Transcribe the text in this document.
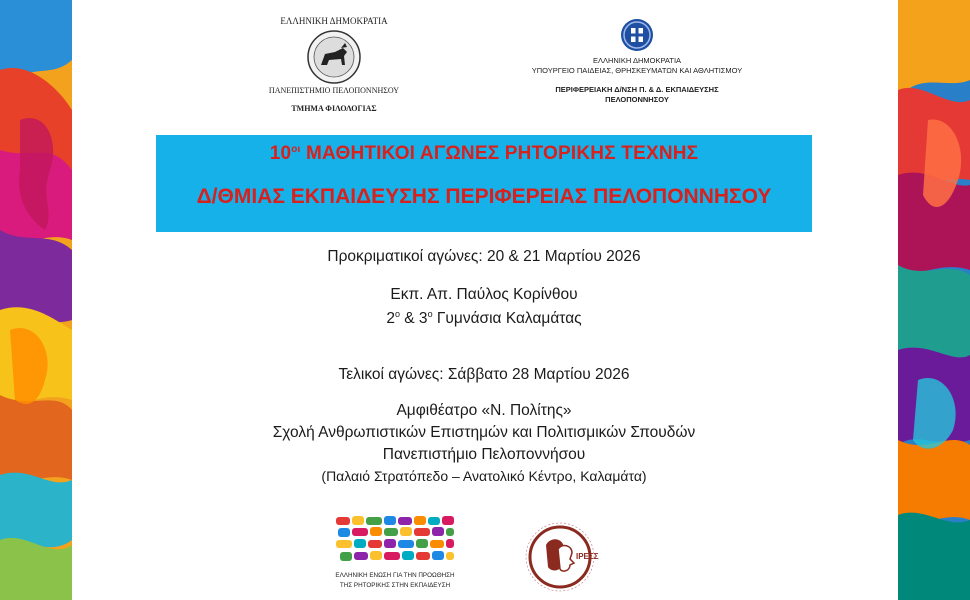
ΕΛΛΗΝΙΚΗ ΔΗΜΟΚΡΑΤΙΑ
ΠΑΝΕΠΙΣΤΗΜΙΟ ΠΕΛΟΠΟΝΝΗΣΟΥ
ΤΜΗΜΑ ΦΙΛΟΛΟΓΙΑΣ
ΕΛΛΗΝΙΚΗ ΔΗΜΟΚΡΑΤΙΑ
ΥΠΟΥΡΓΕΙΟ ΠΑΙΔΕΙΑΣ, ΘΡΗΣΚΕΥΜΑΤΩΝ ΚΑΙ ΑΘΛΗΤΙΣΜΟΥ
ΠΕΡΙΦΕΡΕΙΑΚΗ Δ/ΝΣΗ Π. & Δ. ΕΚΠΑΙΔΕΥΣΗΣ
ΠΕΛΟΠΟΝΝΗΣΟΥ
$10^{o\iota}$ ΜΑΘΗΤΙΚΟΙ ΑΓΩΝΕΣ ΡΗΤΟΡΙΚΗΣ ΤΕΧΝΗΣ
Δ/ΘΜΙΑΣ ΕΚΠΑΙΔΕΥΣΗΣ ΠΕΡΙΦΕΡΕΙΑΣ ΠΕΛΟΠΟΝΝΗΣΟΥ
Προκριματικοί αγώνες: 20 & 21 Μαρτίου 2026
Εκπ. Απ. Παύλος Κορίνθου
$2^o$ & $3^o$ Γυμνάσια Καλαμάτας
Τελικοί αγώνες: Σάββατο 28 Μαρτίου 2026
Αμφιθέατρο «Ν. Πολίτης»
Σχολή Ανθρωπιστικών Επιστημών και Πολιτισμικών Σπουδών
Πανεπιστήμιο Πελοποννήσου
(Παλαιό Στρατόπεδο – Ανατολικό Κέντρο, Καλαμάτα)
ΕΛΛΗΝΙΚΗ ΕΝΩΣΗ ΓΙΑ ΤΗΝ ΠΡΟΩΘΗΣΗ
ΤΗΣ ΡΗΤΟΡΙΚΗΣ ΣΤΗΝ ΕΚΠΑΙΔΕΥΣΗ
IPEΣΣ
